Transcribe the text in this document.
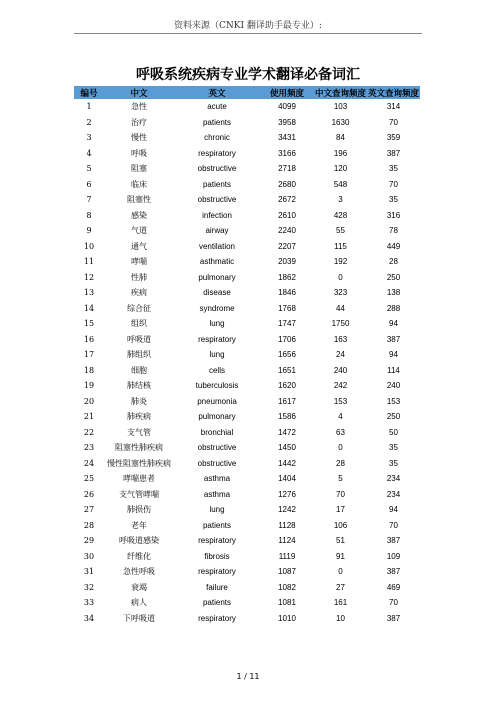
资料来源（CNKI 翻译助手最专业）:
呼吸系统疾病专业学术翻译必备词汇
编号	中文	英文	使用频度	中文查询频度	英文查询频度
1	急性	acute	4099	103	314
2	治疗	patients	3958	1630	70
3	慢性	chronic	3431	84	359
4	呼吸	respiratory	3166	196	387
5	阻塞	obstructive	2718	120	35
6	临床	patients	2680	548	70
7	阻塞性	obstructive	2672	3	35
8	感染	infection	2610	428	316
9	气道	airway	2240	55	78
10	通气	ventilation	2207	115	449
11	哮喘	asthmatic	2039	192	28
12	性肺	pulmonary	1862	0	250
13	疾病	disease	1846	323	138
14	综合征	syndrome	1768	44	288
15	组织	lung	1747	1750	94
16	呼吸道	respiratory	1706	163	387
17	肺组织	lung	1656	24	94
18	细胞	cells	1651	240	114
19	肺结核	tuberculosis	1620	242	240
20	肺炎	pneumonia	1617	153	153
21	肺疾病	pulmonary	1586	4	250
22	支气管	bronchial	1472	63	50
23	阻塞性肺疾病	obstructive	1450	0	35
24	慢性阻塞性肺疾病	obstructive	1442	28	35
25	哮喘患者	asthma	1404	5	234
26	支气管哮喘	asthma	1276	70	234
27	肺损伤	lung	1242	17	94
28	老年	patients	1128	106	70
29	呼吸道感染	respiratory	1124	51	387
30	纤维化	fibrosis	1119	91	109
31	急性呼吸	respiratory	1087	0	387
32	衰竭	failure	1082	27	469
33	病人	patients	1081	161	70
34	下呼吸道	respiratory	1010	10	387
1 / 11
